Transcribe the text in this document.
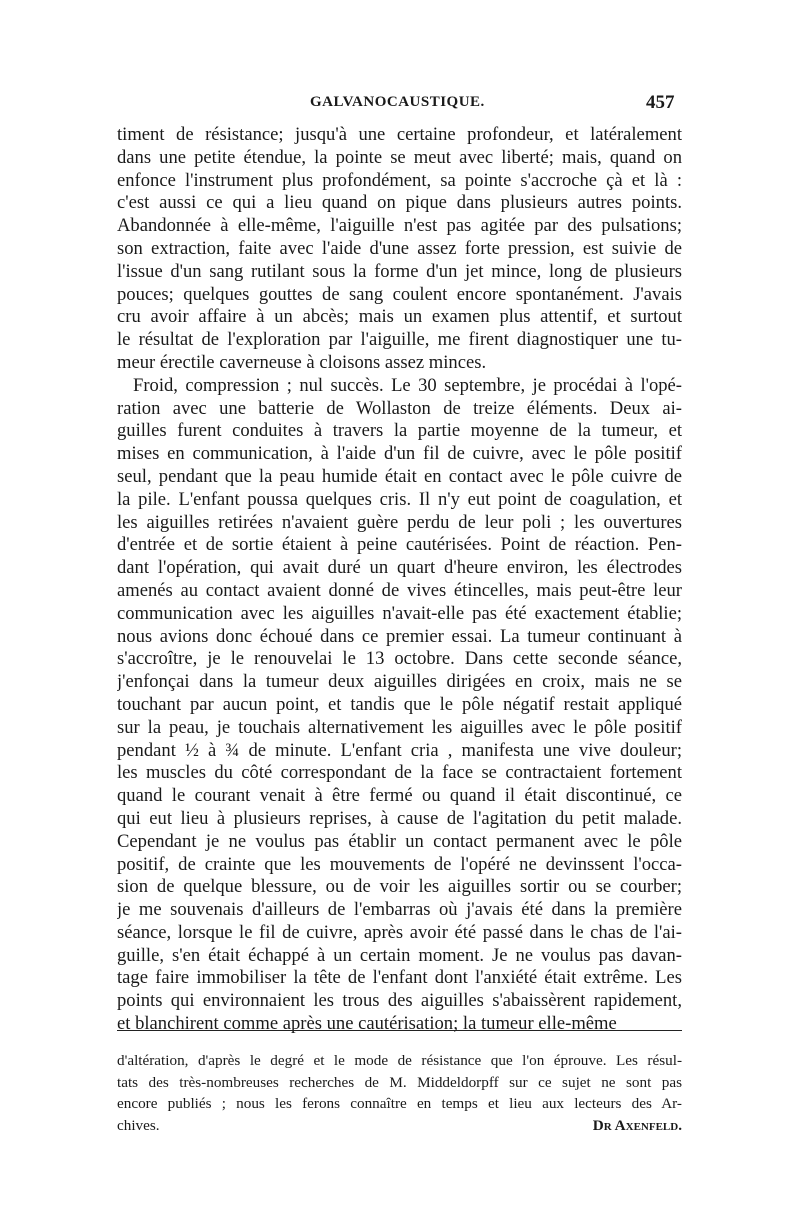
GALVANOCAUSTIQUE.	457
timent de résistance; jusqu'à une certaine profondeur, et latéralement
dans une petite étendue, la pointe se meut avec liberté; mais, quand on
enfonce l'instrument plus profondément, sa pointe s'accroche çà et là :
c'est aussi ce qui a lieu quand on pique dans plusieurs autres points.
Abandonnée à elle-même, l'aiguille n'est pas agitée par des pulsations;
son extraction, faite avec l'aide d'une assez forte pression, est suivie de
l'issue d'un sang rutilant sous la forme d'un jet mince, long de plusieurs
pouces; quelques gouttes de sang coulent encore spontanément. J'avais
cru avoir affaire à un abcès; mais un examen plus attentif, et surtout
le résultat de l'exploration par l'aiguille, me firent diagnostiquer une tu-
meur érectile caverneuse à cloisons assez minces.
Froid, compression ; nul succès. Le 30 septembre, je procédai à l'opé-
ration avec une batterie de Wollaston de treize éléments. Deux ai-
guilles furent conduites à travers la partie moyenne de la tumeur, et
mises en communication, à l'aide d'un fil de cuivre, avec le pôle positif
seul, pendant que la peau humide était en contact avec le pôle cuivre de
la pile. L'enfant poussa quelques cris. Il n'y eut point de coagulation, et
les aiguilles retirées n'avaient guère perdu de leur poli ; les ouvertures
d'entrée et de sortie étaient à peine cautérisées. Point de réaction. Pen-
dant l'opération, qui avait duré un quart d'heure environ, les électrodes
amenés au contact avaient donné de vives étincelles, mais peut-être leur
communication avec les aiguilles n'avait-elle pas été exactement établie;
nous avions donc échoué dans ce premier essai. La tumeur continuant à
s'accroître, je le renouvelai le 13 octobre. Dans cette seconde séance,
j'enfonçai dans la tumeur deux aiguilles dirigées en croix, mais ne se
touchant par aucun point, et tandis que le pôle négatif restait appliqué
sur la peau, je touchais alternativement les aiguilles avec le pôle positif
pendant ½ à ¾ de minute. L'enfant cria , manifesta une vive douleur;
les muscles du côté correspondant de la face se contractaient fortement
quand le courant venait à être fermé ou quand il était discontinué, ce
qui eut lieu à plusieurs reprises, à cause de l'agitation du petit malade.
Cependant je ne voulus pas établir un contact permanent avec le pôle
positif, de crainte que les mouvements de l'opéré ne devinssent l'occa-
sion de quelque blessure, ou de voir les aiguilles sortir ou se courber;
je me souvenais d'ailleurs de l'embarras où j'avais été dans la première
séance, lorsque le fil de cuivre, après avoir été passé dans le chas de l'ai-
guille, s'en était échappé à un certain moment. Je ne voulus pas davan-
tage faire immobiliser la tête de l'enfant dont l'anxiété était extrême. Les
points qui environnaient les trous des aiguilles s'abaissèrent rapidement,
et blanchirent comme après une cautérisation; la tumeur elle-même
d'altération, d'après le degré et le mode de résistance que l'on éprouve. Les résul-
tats des très-nombreuses recherches de M. Middeldorpff sur ce sujet ne sont pas
encore publiés ; nous les ferons connaître en temps et lieu aux lecteurs des Ar-
chives.	Dr Axenfeld.
